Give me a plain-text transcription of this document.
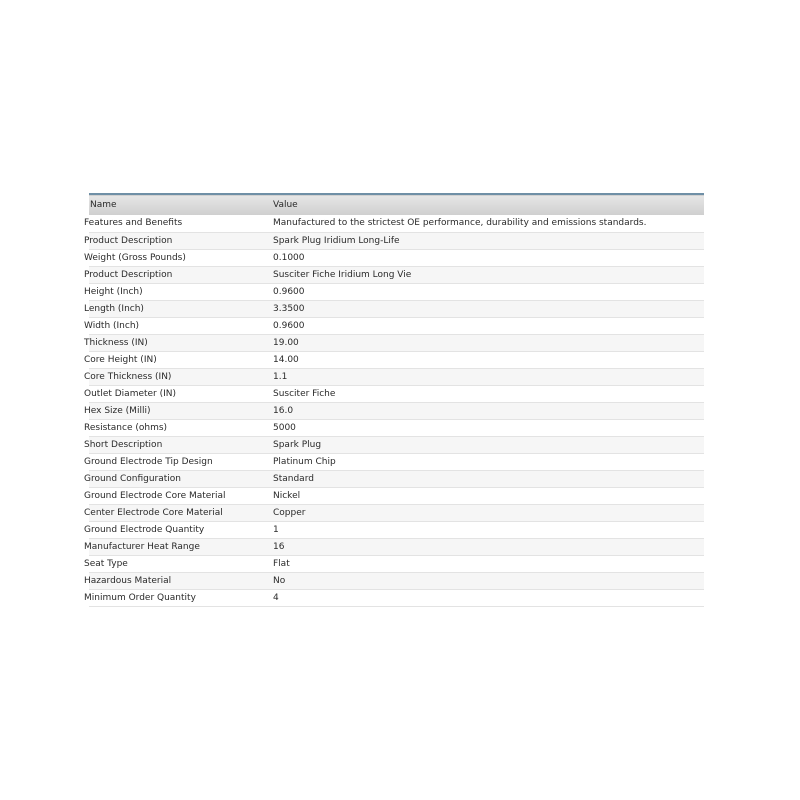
Name	Value
Features and Benefits	Manufactured to the strictest OE performance, durability and emissions standards.
Product Description	Spark Plug Iridium Long-Life
Weight (Gross Pounds)	0.1000
Product Description	Susciter Fiche Iridium Long Vie
Height (Inch)	0.9600
Length (Inch)	3.3500
Width (Inch)	0.9600
Thickness (IN)	19.00
Core Height (IN)	14.00
Core Thickness (IN)	1.1
Outlet Diameter (IN)	Susciter Fiche
Hex Size (Milli)	16.0
Resistance (ohms)	5000
Short Description	Spark Plug
Ground Electrode Tip Design	Platinum Chip
Ground Configuration	Standard
Ground Electrode Core Material	Nickel
Center Electrode Core Material	Copper
Ground Electrode Quantity	1
Manufacturer Heat Range	16
Seat Type	Flat
Hazardous Material	No
Minimum Order Quantity	4
